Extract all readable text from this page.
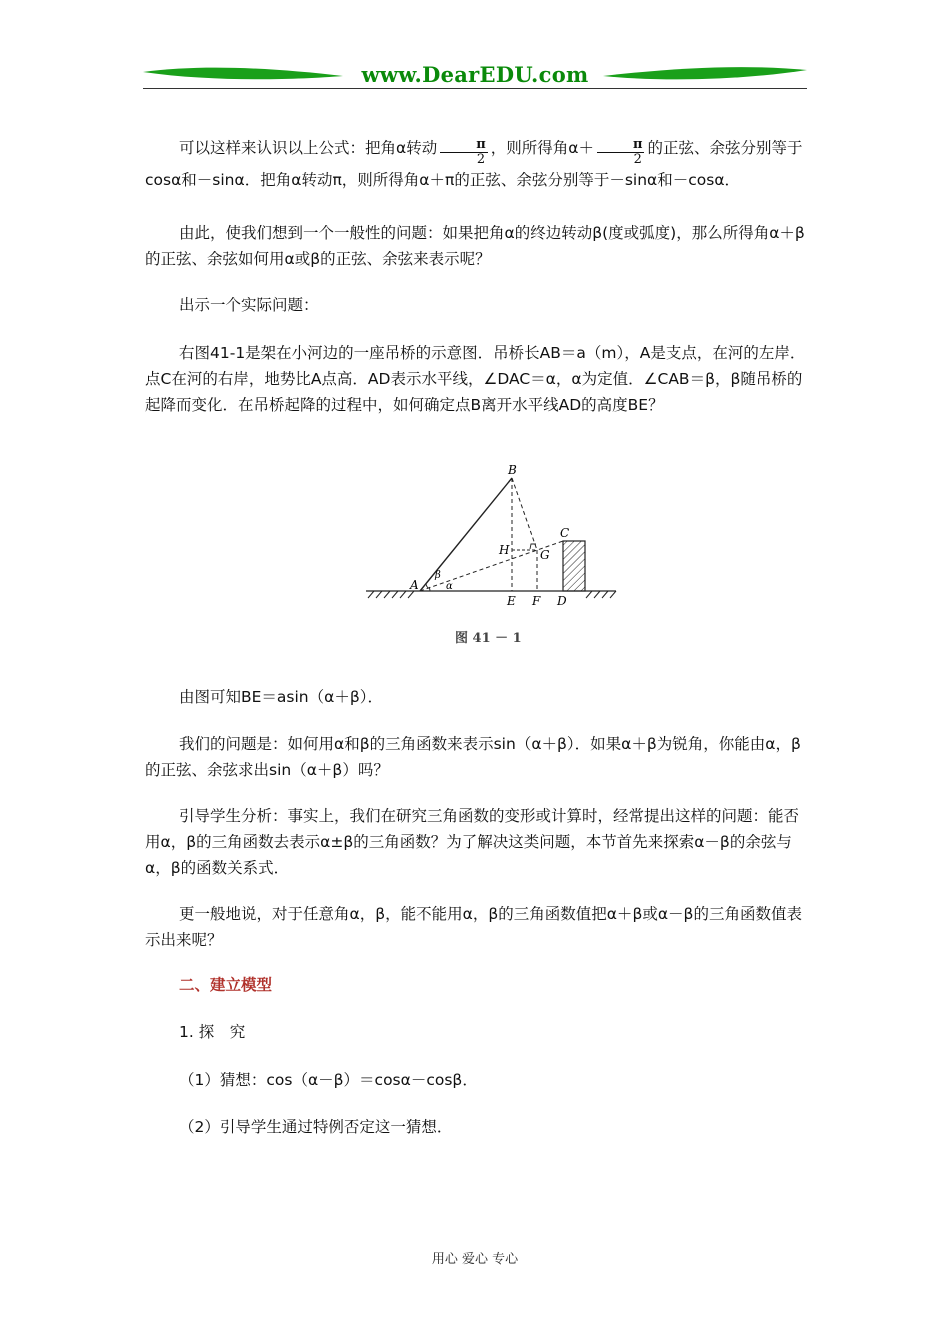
www.DearEDU.com
可以这样来认识以上公式：把角α转动 $\frac{\pi}{2}$ ，则所得角$\alpha+ \frac{\pi}{2}$ 的正弦、余弦分别等于
cosα和－sinα．把角α转动π，则所得角α＋π的正弦、余弦分别等于－sinα和－cosα．

由此，使我们想到一个一般性的问题：如果把角α的终边转动β(度或弧度)，那么所得角α＋β的正弦、余弦如何用α或β的正弦、余弦来表示呢？

出示一个实际问题：

右图41-1是架在小河边的一座吊桥的示意图．吊桥长AB＝a（m），A是支点，在河的左岸．点C在河的右岸，地势比A点高．AD表示水平线，∠DAC＝α，α为定值．∠CAB＝β，β随吊桥的起降而变化．在吊桥起降的过程中，如何确定点B离开水平线AD的高度BE？

B
C
H	G
A
E F D
β
α
图 41 － 1

由图可知BE＝asin（α＋β）．

我们的问题是：如何用α和β的三角函数来表示sin（α＋β）．如果α＋β为锐角，你能由α，β的正弦、余弦求出sin（α＋β）吗？

引导学生分析：事实上，我们在研究三角函数的变形或计算时，经常提出这样的问题：能否用α，β的三角函数去表示α±β的三角函数？为了解决这类问题，本节首先来探索α－β的余弦与α，β的函数关系式．

更一般地说，对于任意角α，β，能不能用α，β的三角函数值把α＋β或α－β的三角函数值表示出来呢？

二、建立模型

1. 探　究

（1）猜想：cos（α－β）＝cosα－cosβ．

（2）引导学生通过特例否定这一猜想．

用心 爱心 专心
